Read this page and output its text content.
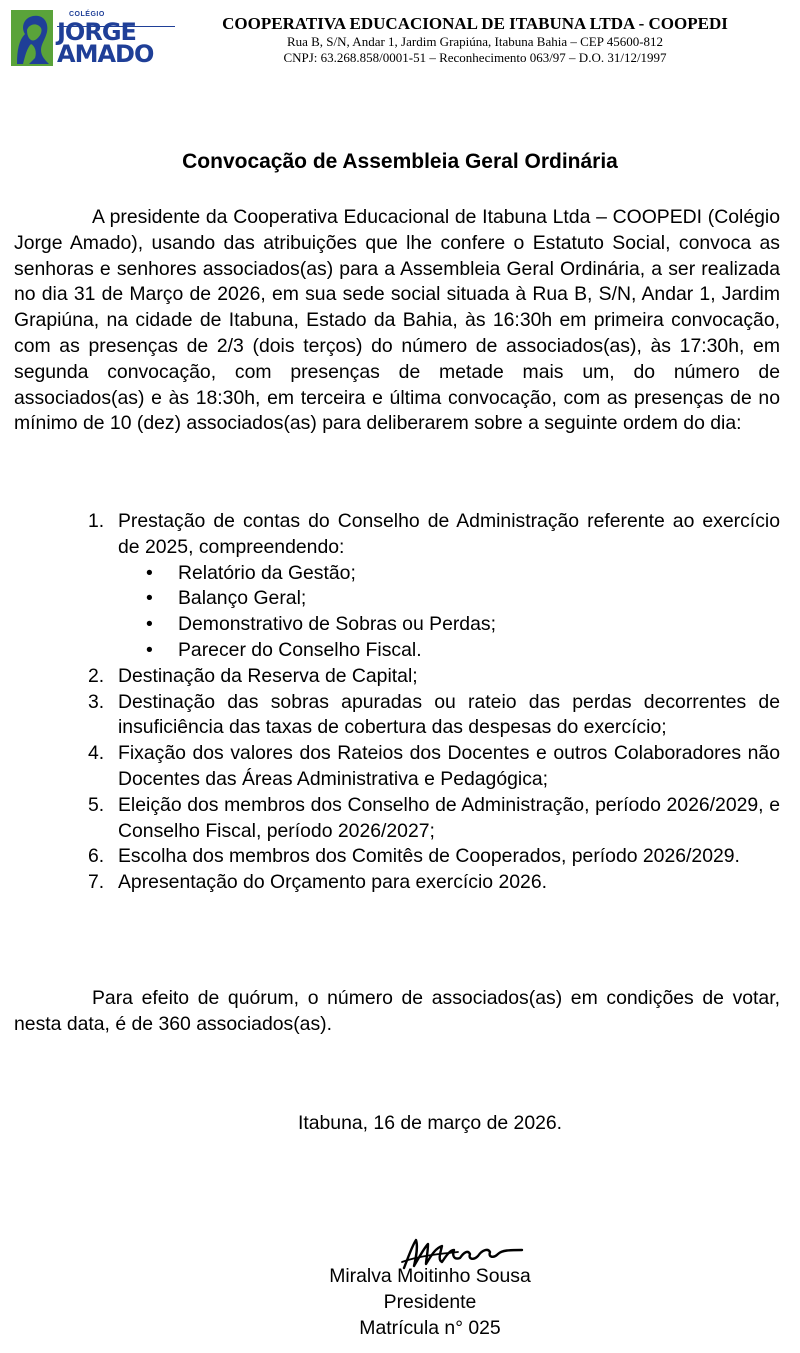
COLÉGIO
JORGE
AMADO
COOPERATIVA EDUCACIONAL DE ITABUNA LTDA - COOPEDI
Rua B, S/N, Andar 1, Jardim Grapiúna, Itabuna Bahia – CEP 45600-812
CNPJ: 63.268.858/0001-51 – Reconhecimento 063/97 – D.O. 31/12/1997
Convocação de Assembleia Geral Ordinária

A presidente da Cooperativa Educacional de Itabuna Ltda – COOPEDI (Colégio Jorge Amado), usando das atribuições que lhe confere o Estatuto Social, convoca as senhoras e senhores associados(as) para a Assembleia Geral Ordinária, a ser realizada no dia 31 de Março de 2026, em sua sede social situada à Rua B, S/N, Andar 1, Jardim Grapiúna, na cidade de Itabuna, Estado da Bahia, às 16:30h em primeira convocação, com as presenças de 2/3 (dois terços) do número de associados(as), às 17:30h, em segunda convocação, com presenças de metade mais um, do número de associados(as) e às 18:30h, em terceira e última convocação, com as presenças de no mínimo de 10 (dez) associados(as) para deliberarem sobre a seguinte ordem do dia:

1. Prestação de contas do Conselho de Administração referente ao exercício de 2025, compreendendo:
• Relatório da Gestão;
• Balanço Geral;
• Demonstrativo de Sobras ou Perdas;
• Parecer do Conselho Fiscal.
2. Destinação da Reserva de Capital;
3. Destinação das sobras apuradas ou rateio das perdas decorrentes de insuficiência das taxas de cobertura das despesas do exercício;
4. Fixação dos valores dos Rateios dos Docentes e outros Colaboradores não Docentes das Áreas Administrativa e Pedagógica;
5. Eleição dos membros dos Conselho de Administração, período 2026/2029, e Conselho Fiscal, período 2026/2027;
6. Escolha dos membros dos Comitês de Cooperados, período 2026/2029.
7. Apresentação do Orçamento para exercício 2026.

Para efeito de quórum, o número de associados(as) em condições de votar, nesta data, é de 360 associados(as).

Itabuna, 16 de março de 2026.
Miralva Moitinho Sousa
Presidente
Matrícula n° 025
